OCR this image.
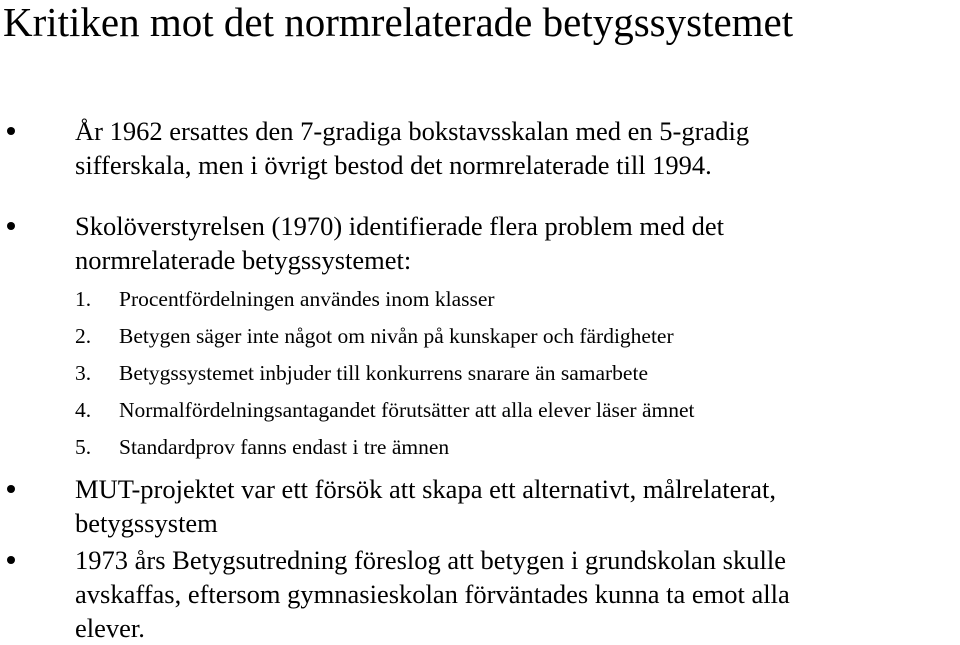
Kritiken mot det normrelaterade betygssystemet
År 1962 ersattes den 7-gradiga bokstavsskalan med en 5-gradig
sifferskala, men i övrigt bestod det normrelaterade till 1994.
Skolöverstyrelsen (1970) identifierade flera problem med det
normrelaterade betygssystemet:
1. Procentfördelningen användes inom klasser
2. Betygen säger inte något om nivån på kunskaper och färdigheter
3. Betygssystemet inbjuder till konkurrens snarare än samarbete
4. Normalfördelningsantagandet förutsätter att alla elever läser ämnet
5. Standardprov fanns endast i tre ämnen
MUT-projektet var ett försök att skapa ett alternativt, målrelaterat,
betygssystem
1973 års Betygsutredning föreslog att betygen i grundskolan skulle
avskaffas, eftersom gymnasieskolan förväntades kunna ta emot alla
elever.
